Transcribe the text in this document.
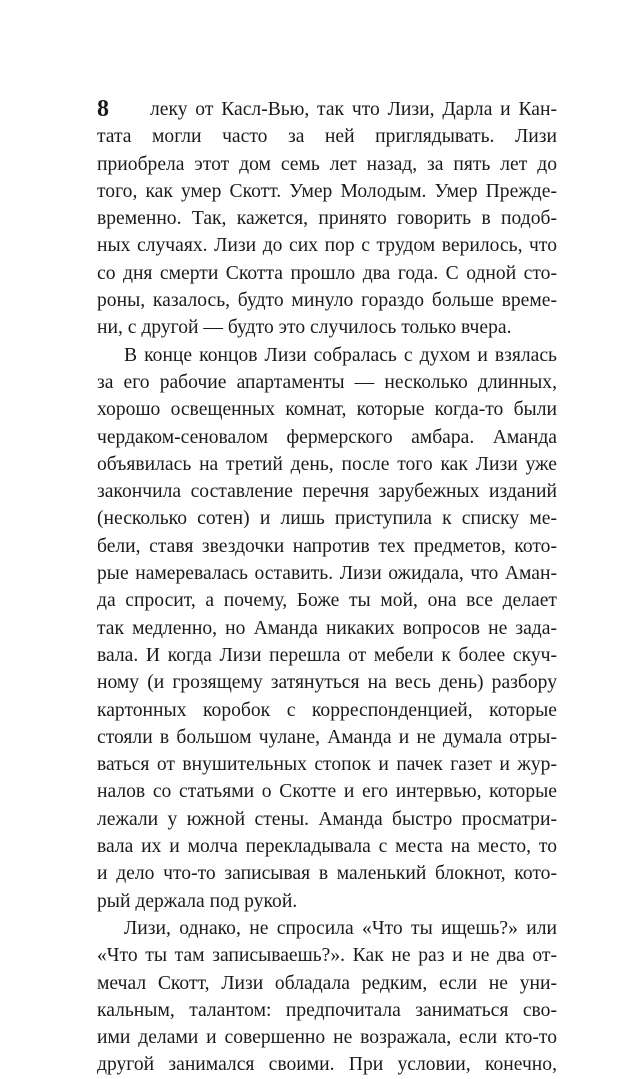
8	леку от Касл-Вью, так что Лизи, Дарла и Кан-
тата могли часто за ней приглядывать. Лизи
приобрела этот дом семь лет назад, за пять лет до
того, как умер Скотт. Умер Молодым. Умер Прежде-
временно. Так, кажется, принято говорить в подоб-
ных случаях. Лизи до сих пор с трудом верилось, что
со дня смерти Скотта прошло два года. С одной сто-
роны, казалось, будто минуло гораздо больше време-
ни, с другой — будто это случилось только вчера.
В конце концов Лизи собралась с духом и взялась
за его рабочие апартаменты — несколько длинных,
хорошо освещенных комнат, которые когда-то были
чердаком-сеновалом фермерского амбара. Аманда
объявилась на третий день, после того как Лизи уже
закончила составление перечня зарубежных изданий
(несколько сотен) и лишь приступила к списку ме-
бели, ставя звездочки напротив тех предметов, кото-
рые намеревалась оставить. Лизи ожидала, что Аман-
да спросит, а почему, Боже ты мой, она все делает
так медленно, но Аманда никаких вопросов не зада-
вала. И когда Лизи перешла от мебели к более скуч-
ному (и грозящему затянуться на весь день) разбору
картонных коробок с корреспонденцией, которые
стояли в большом чулане, Аманда и не думала отры-
ваться от внушительных стопок и пачек газет и жур-
налов со статьями о Скотте и его интервью, которые
лежали у южной стены. Аманда быстро просматри-
вала их и молча перекладывала с места на место, то
и дело что-то записывая в маленький блокнот, кото-
рый держала под рукой.
Лизи, однако, не спросила «Что ты ищешь?» или
«Что ты там записываешь?». Как не раз и не два от-
мечал Скотт, Лизи обладала редким, если не уни-
кальным, талантом: предпочитала заниматься сво-
ими делами и совершенно не возражала, если кто-то
другой занимался своими. При условии, конечно,
